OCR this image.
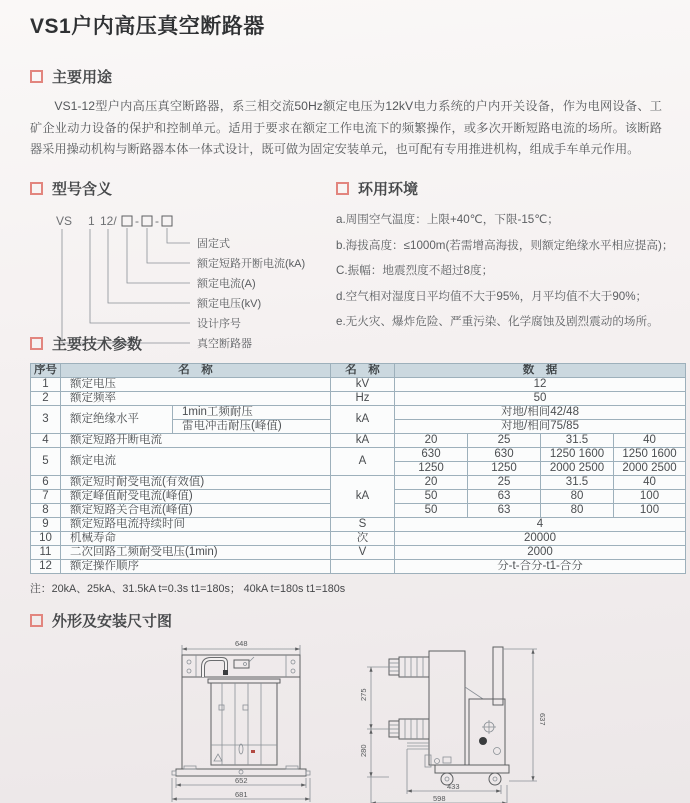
VS1户内高压真空断路器
主要用途
VS1-12型户内高压真空断路器，系三相交流50Hz额定电压为12kV电力系统的户内开关设备，作为电网设备、工矿企业动力设备的保护和控制单元。适用于要求在额定工作电流下的频繁操作，或多次开断短路电流的场所。该断路器采用操动机构与断路器本体一体式设计，既可做为固定安装单元，也可配有专用推进机构，组成手车单元作用。
型号含义
VS 1 12/ - -
固定式
额定短路开断电流(kA)
额定电流(A)
额定电压(kV)
设计序号
真空断路器
环用环境
a.周围空气温度：上限+40℃，下限-15℃；
b.海拔高度：≤1000m(若需增高海拔，则额定绝缘水平相应提高)；
C.振幅：地震烈度不超过8度；
d.空气相对湿度日平均值不大于95%，月平均值不大于90%；
e.无火灾、爆炸危险、严重污染、化学腐蚀及剧烈震动的场所。
主要技术参数
序号	名　称		名　称	数　据			
1	额定电压		kV	12			
2	额定频率		Hz	50			
3	额定绝缘水平	1min工频耐压	kA	对地/相间42/48			
		雷电冲击耐压(峰值)		对地/相间75/85			
4	额定短路开断电流		kA	20	25	31.5	40
5	额定电流		A	630	630	1250 1600	1250 1600
				1250	1250	2000 2500	2000 2500
6	额定短时耐受电流(有效值)		kA	20	25	31.5	40
7	额定峰值耐受电流(峰值)			50	63	80	100
8	额定短路关合电流(峰值)			50	63	80	100
9	额定短路电流持续时间		S	4			
10	机械寿命		次	20000			
11	二次回路工频耐受电压(1min)		V	2000			
12	额定操作顺序			分-t-合分-t1-合分			
注：20kA、25kA、31.5kA t=0.3s t1=180s； 40kA t=180s t1=180s
外形及安装尺寸图
648
652
681
275
280
637
433
598
